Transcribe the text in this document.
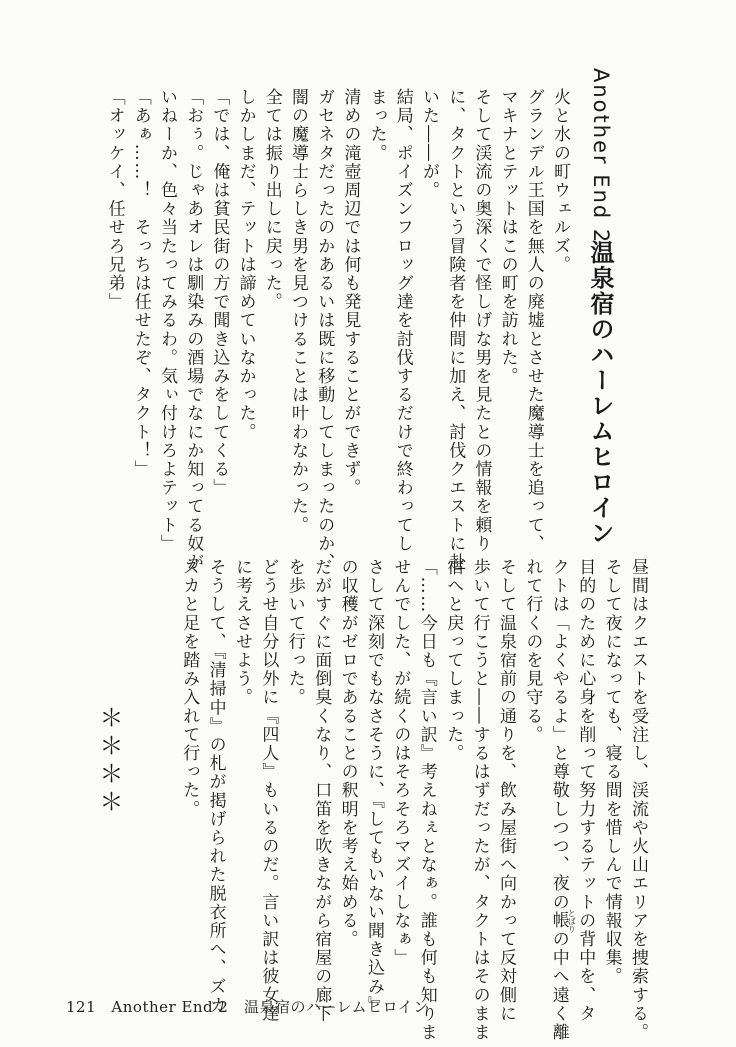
Another End 2
温泉宿のハーレムヒロイン
火と水の町ウェルズ。
グランデル王国を無人の廃墟とさせた魔導士を追って、
マキナとテットはこの町を訪れた。
そして渓流の奥深くで怪しげな男を見たとの情報を頼り
に、タクトという冒険者を仲間に加え、討伐クエストに赴
いた――が。
結局、ポイズンフロッグ達を討伐するだけで終わってし
まった。
清めの滝壺周辺では何も発見することができず。
ガセネタだったのかあるいは既に移動してしまったのか、
闇の魔導士らしき男を見つけることは叶わなかった。
全ては振り出しに戻った。
しかしまだ、テットは諦めていなかった。
「では、俺は貧民街の方で聞き込みをしてくる」
「おぅ。じゃあオレは馴染みの酒場でなにか知ってる奴が
いねーか、色々当たってみるわ。気ぃ付けろよテット」
「あぁ……！　そっちは任せたぞ、タクト！」
「オッケイ、任せろ兄弟」
昼間はクエストを受注し、渓流や火山エリアを捜索する。
そして夜になっても、寝る間を惜しんで情報収集。
目的のために心身を削って努力するテットの背中を、タ
クトは「よくやるよ」と尊敬しつつ、夜の帳とばりの中へ遠く離
れて行くのを見守る。
そして温泉宿前の通りを、飲み屋街へ向かって反対側に
歩いて行こうと――するはずだったが、タクトはそのまま
宿へと戻ってしまった。
「……今日も『言い訳』考えねぇとなぁ。誰も何も知りま
せんでした、が続くのはそろそろマズイしなぁ」
さして深刻でもなさそうに、『してもいない聞き込み』
の収穫がゼロであることの釈明を考え始める。
だがすぐに面倒臭くなり、口笛を吹きながら宿屋の廊下
を歩いて行った。
どうせ自分以外に『四人』もいるのだ。言い訳は彼女達
に考えさせよう。
そうして、『清掃中』の札が掲げられた脱衣所へ、ズカ
ズカと足を踏み入れて行った。
＊＊＊＊
121 Another End 2　温泉宿のハーレムヒロイン
